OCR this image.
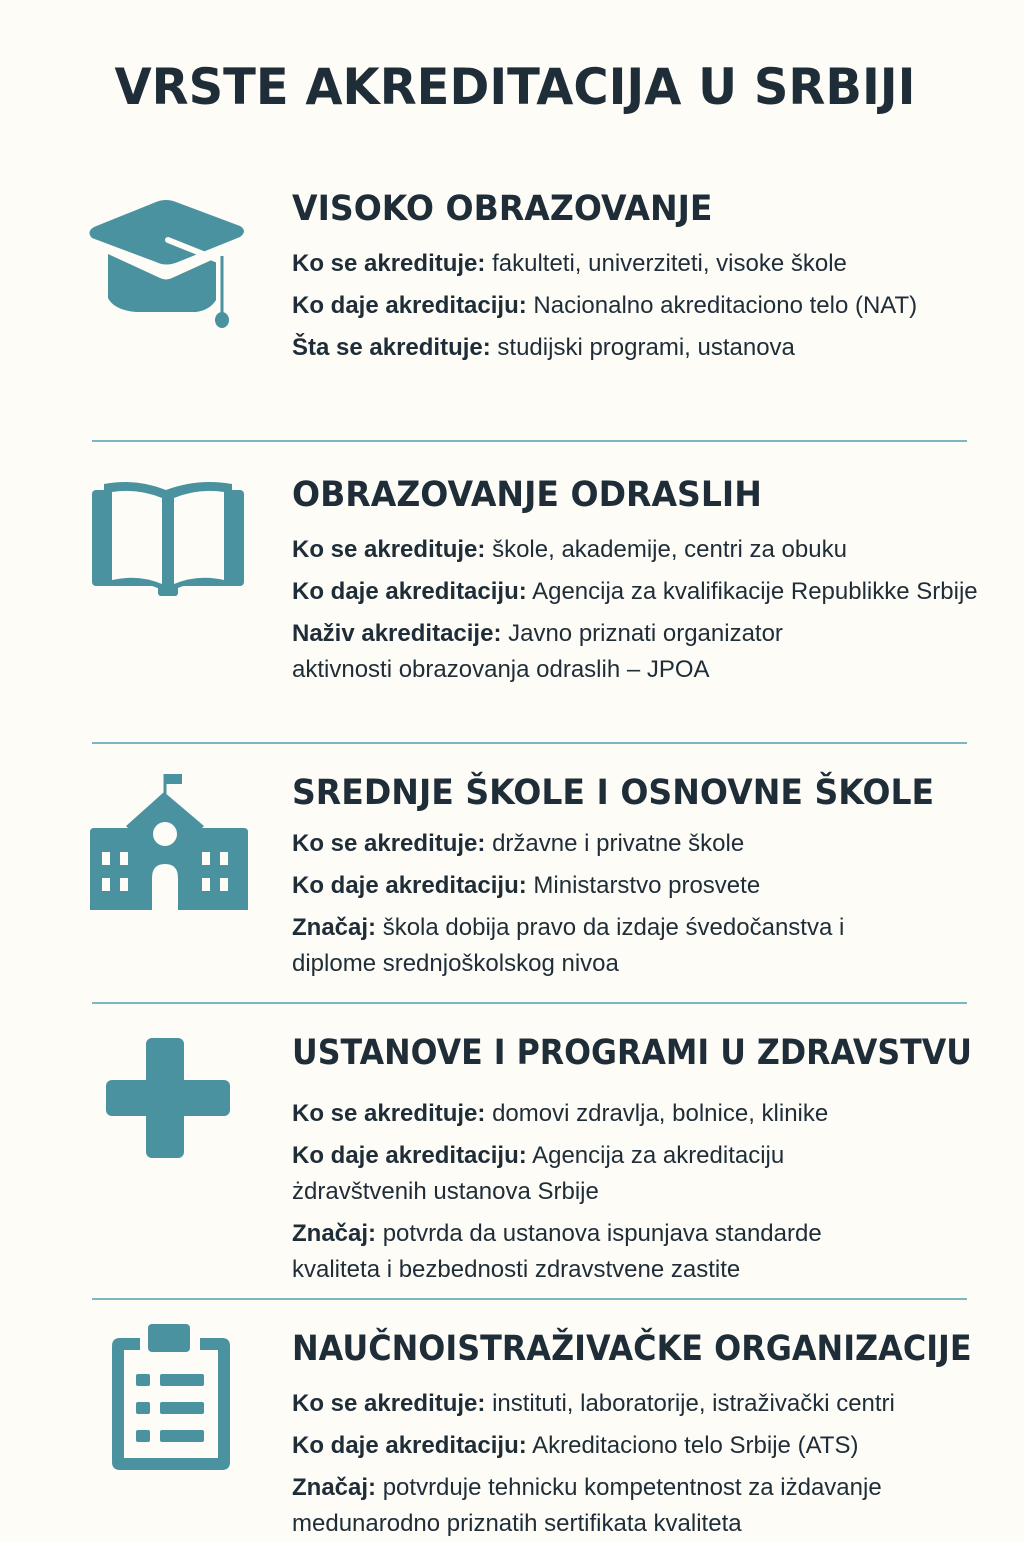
VRSTE AKREDITACIJA U SRBIJI
VISOKO OBRAZOVANJE
Ko se akredituje: fakulteti, univerziteti, visoke škole
Ko daje akreditaciju: Nacionalno akreditaciono telo (NAT)
Šta se akredituje: studijski programi, ustanova
OBRAZOVANJE ODRASLIH
Ko se akredituje: škole, akademije, centri za obuku
Ko daje akreditaciju: Agencija za kvalifikacije Republikke Srbije
Naživ akreditacije: Javno priznati organizator aktivnosti obrazovanja odraslih – JPOA
SREDNJE ŠKOLE I OSNOVNE ŠKOLE
Ko se akredituje: državne i privatne škole
Ko daje akreditaciju: Ministarstvo prosvete
Značaj: škola dobija pravo da izdaje śvedočanstva i diplome srednjoškolskog nivoa
USTANOVE I PROGRAMI U ZDRAVSTVU
Ko se akredituje: domovi zdravlja, bolnice, klinike
Ko daje akreditaciju: Agencija za akreditaciju żdravštvenih ustanova Srbije
Značaj: potvrda da ustanova ispunjava standarde kvaliteta i bezbednosti zdravstvene zastite
NAUČNOISTRAŽIVAČKE ORGANIZACIJE
Ko se akredituje: instituti, laboratorije, istraživački centri
Ko daje akreditaciju: Akreditaciono telo Srbije (ATS)
Značaj: potvrduje tehnicku kompetentnost za iżdavanje medunarodno priznatih sertifikata kvaliteta
